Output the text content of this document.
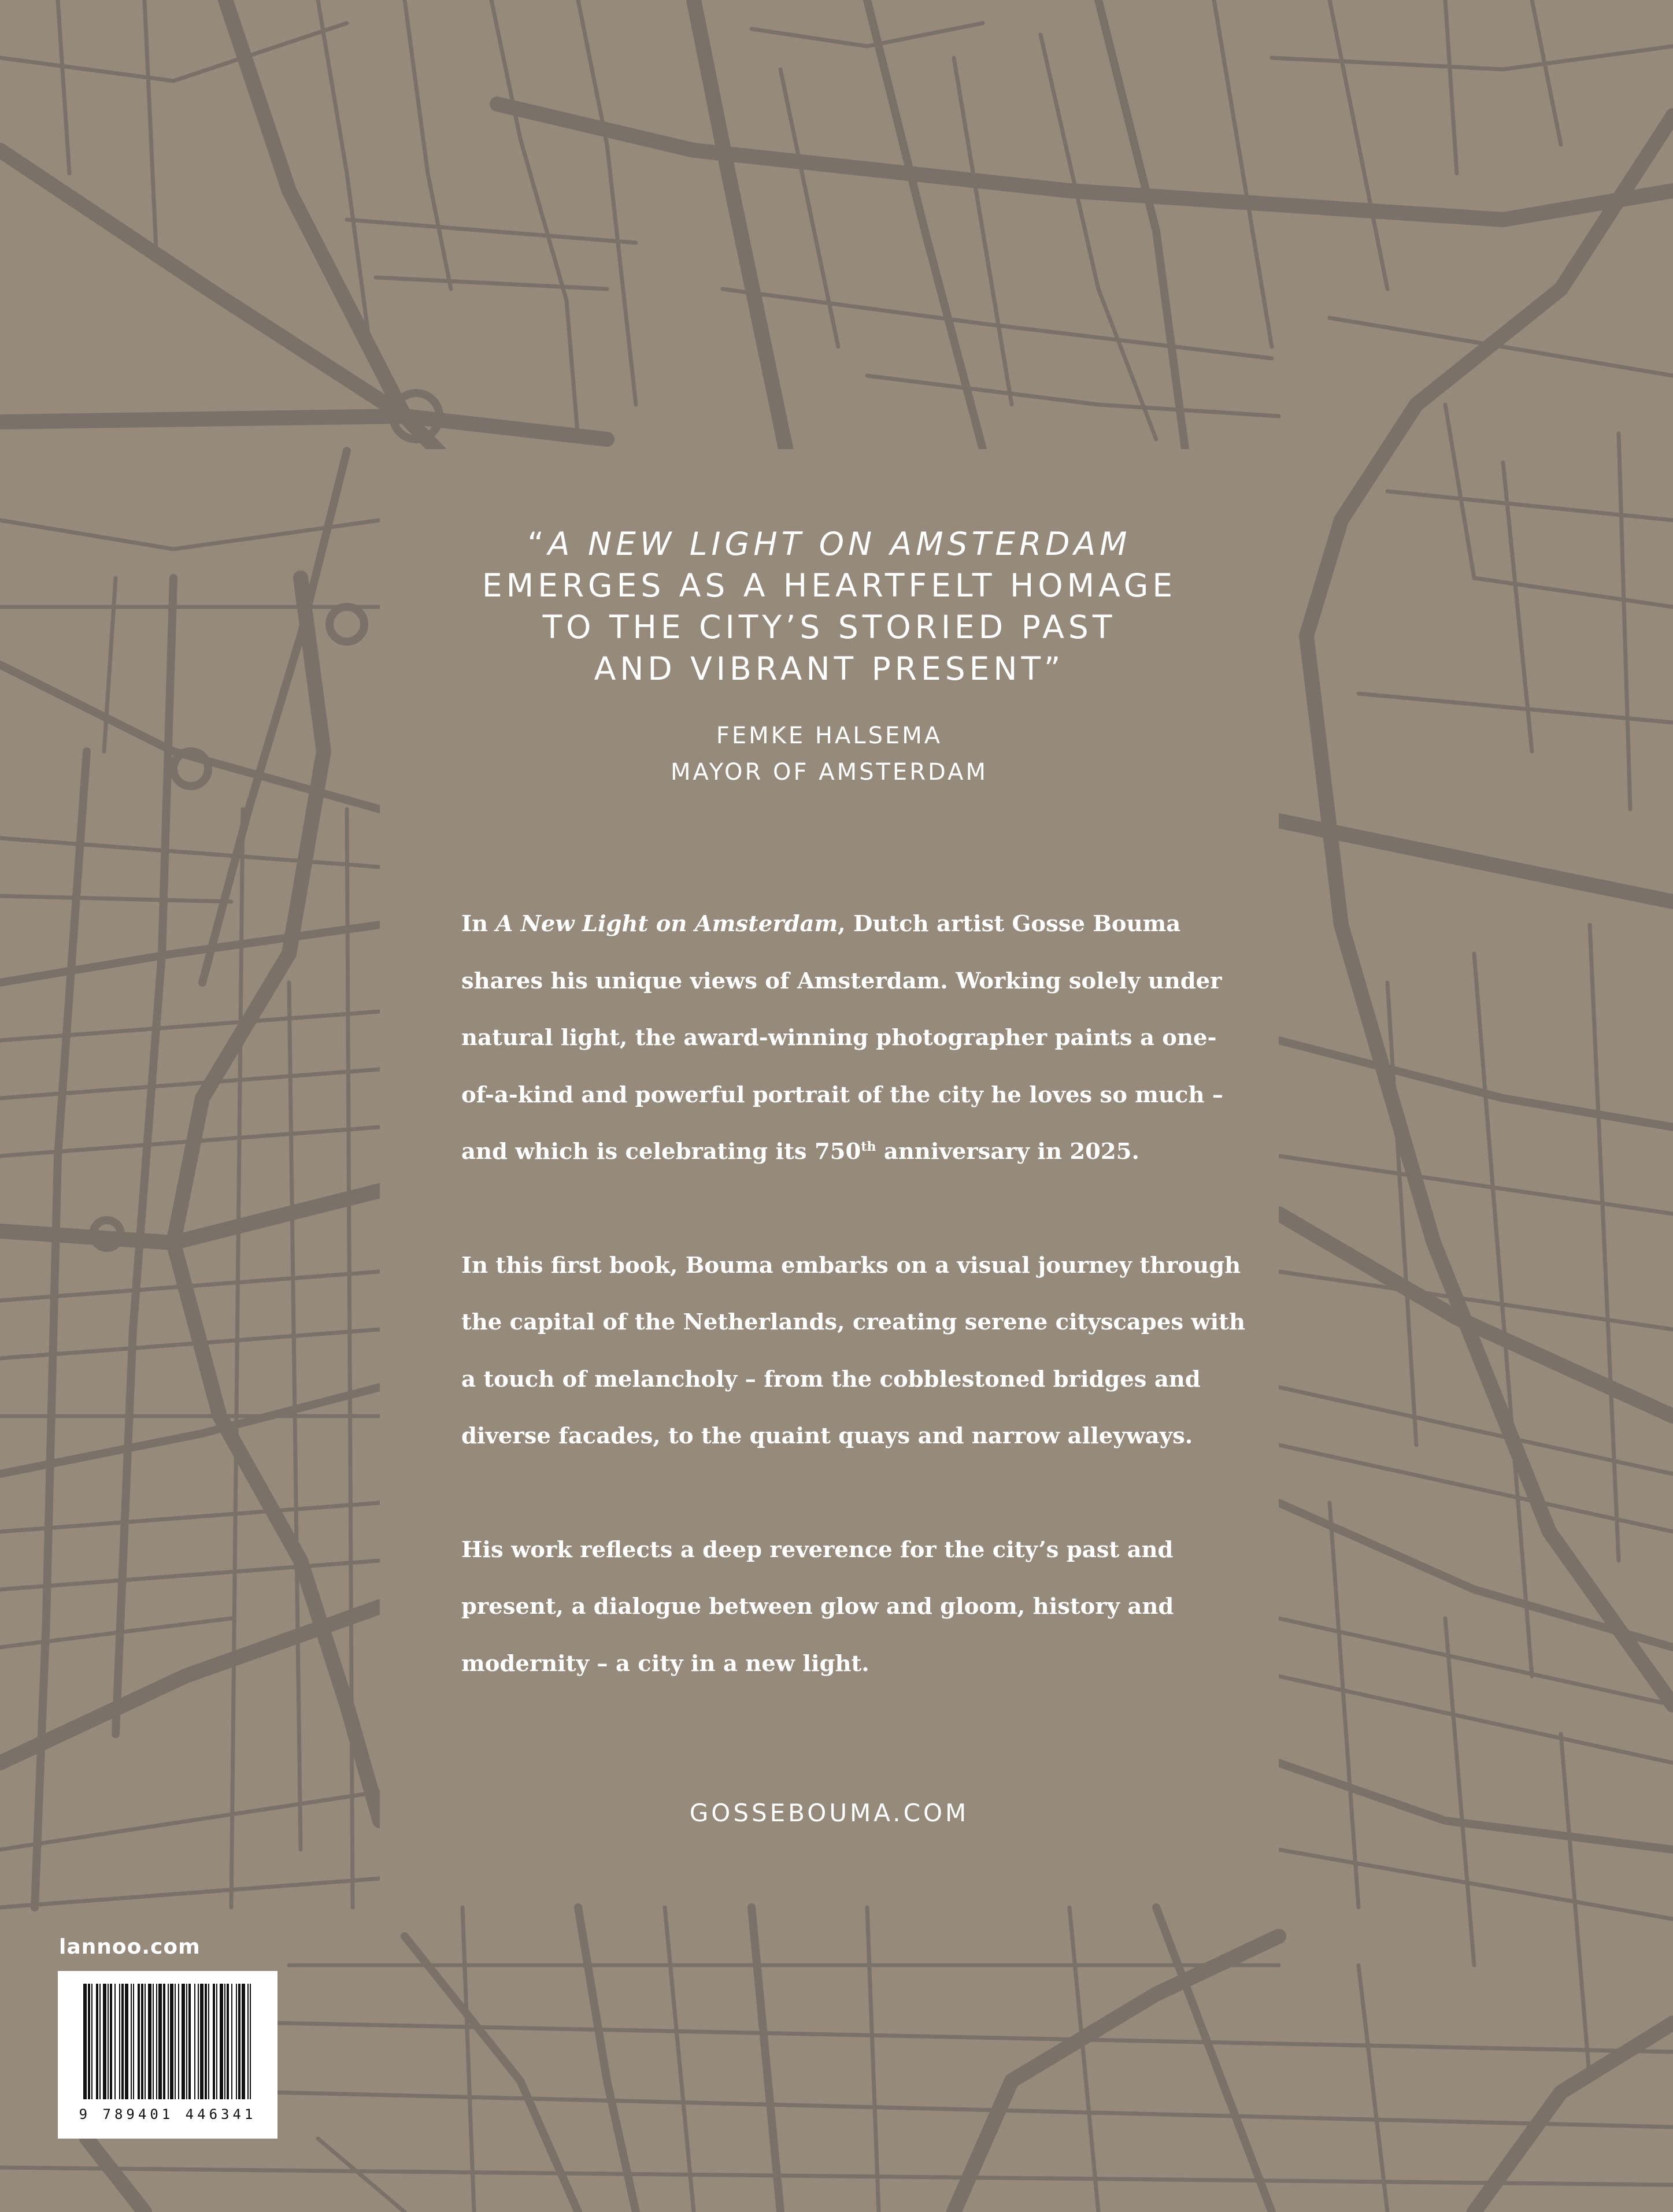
“A NEW LIGHT ON AMSTERDAM
EMERGES AS A HEARTFELT HOMAGE
TO THE CITY’S STORIED PAST
AND VIBRANT PRESENT”
FEMKE HALSEMA
MAYOR OF AMSTERDAM

In A New Light on Amsterdam, Dutch artist Gosse Bouma
shares his unique views of Amsterdam. Working solely under
natural light, the award-winning photographer paints a one-
of-a-kind and powerful portrait of the city he loves so much –
and which is celebrating its 750th anniversary in 2025.

In this first book, Bouma embarks on a visual journey through
the capital of the Netherlands, creating serene cityscapes with
a touch of melancholy – from the cobblestoned bridges and
diverse facades, to the quaint quays and narrow alleyways.

His work reflects a deep reverence for the city’s past and
present, a dialogue between glow and gloom, history and
modernity – a city in a new light.

GOSSEBOUMA.COM
lannoo.com
9 789401 446341
